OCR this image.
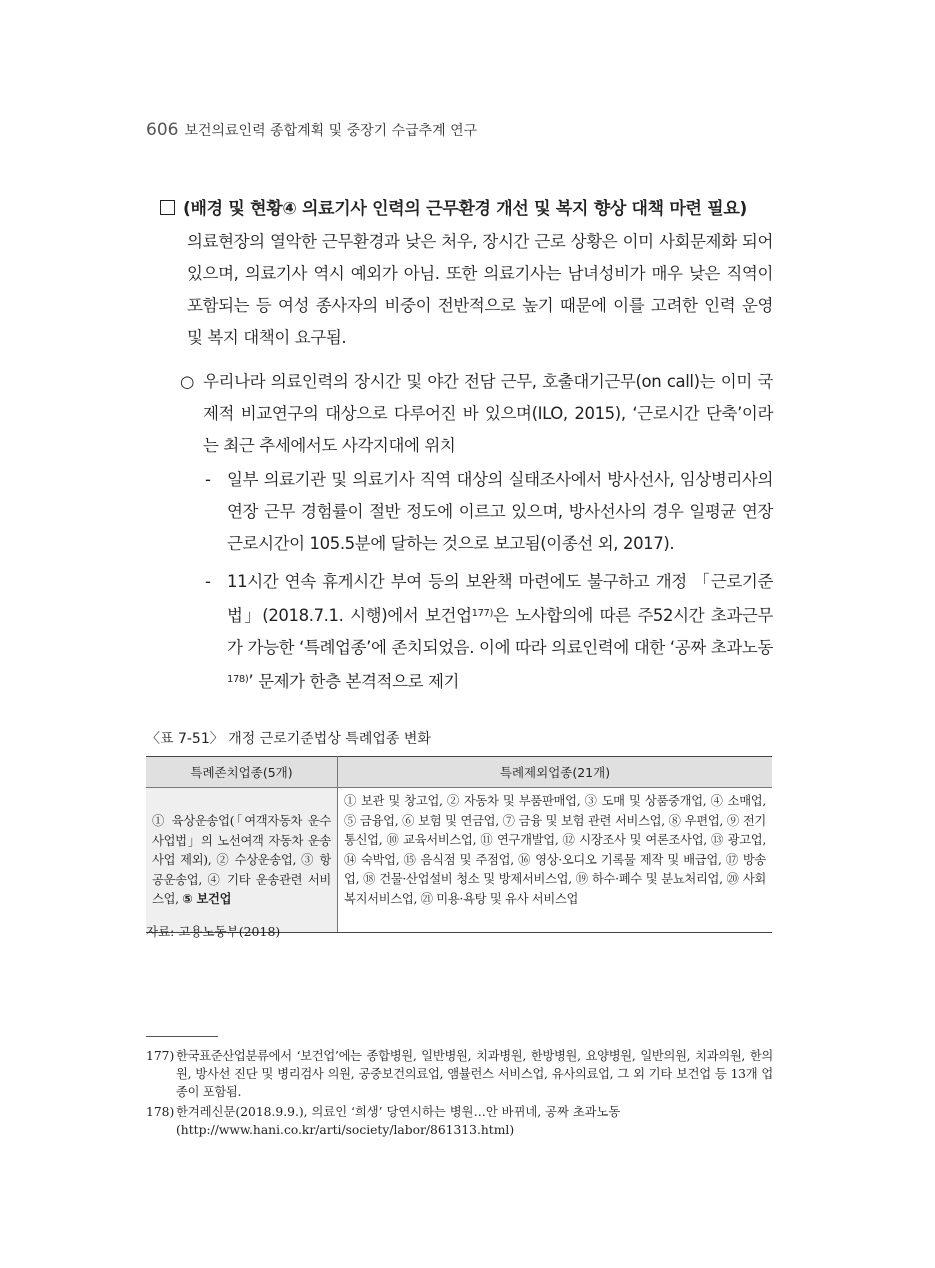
606 보건의료인력 종합계획 및 중장기 수급추계 연구
(배경 및 현황④ 의료기사 인력의 근무환경 개선 및 복지 향상 대책 마련 필요)
의료현장의 열악한 근무환경과 낮은 처우, 장시간 근로 상황은 이미 사회문제화 되어 있으며, 의료기사 역시 예외가 아님. 또한 의료기사는 남녀성비가 매우 낮은 직역이 포함되는 등 여성 종사자의 비중이 전반적으로 높기 때문에 이를 고려한 인력 운영 및 복지 대책이 요구됨.
○ 우리나라 의료인력의 장시간 및 야간 전담 근무, 호출대기근무(on call)는 이미 국제적 비교연구의 대상으로 다루어진 바 있으며(ILO, 2015), ‘근로시간 단축’이라는 최근 추세에서도 사각지대에 위치
- 일부 의료기관 및 의료기사 직역 대상의 실태조사에서 방사선사, 임상병리사의 연장 근무 경험률이 절반 정도에 이르고 있으며, 방사선사의 경우 일평균 연장근로시간이 105.5분에 달하는 것으로 보고됨(이종선 외, 2017).
- 11시간 연속 휴게시간 부여 등의 보완책 마련에도 불구하고 개정 「근로기준법」(2018.7.1. 시행)에서 보건업$^{177)}$은 노사합의에 따른 주52시간 초과근무가 가능한 ‘특례업종’에 존치되었음. 이에 따라 의료인력에 대한 ‘공짜 초과노동$^{178)}$’ 문제가 한층 본격적으로 제기
〈표 7-51〉 개정 근로기준법상 특례업종 변화
특례존치업종(5개)	특례제외업종(21개)
① 육상운송업(「여객자동차 운수사업법」의 노선여객 자동차 운송사업 제외), ② 수상운송업, ③ 항공운송업, ④ 기타 운송관련 서비스업, ⑤ 보건업	① 보관 및 창고업, ② 자동차 및 부품판매업, ③ 도매 및 상품중개업, ④ 소매업, ⑤ 금융업, ⑥ 보험 및 연금업, ⑦ 금융 및 보험 관련 서비스업, ⑧ 우편업, ⑨ 전기통신업, ⑩ 교육서비스업, ⑪ 연구개발업, ⑫ 시장조사 및 여론조사업, ⑬ 광고업, ⑭ 숙박업, ⑮ 음식점 및 주점업, ⑯ 영상·오디오 기록물 제작 및 배급업, ⑰ 방송업, ⑱ 건물·산업설비 청소 및 방제서비스업, ⑲ 하수·폐수 및 분뇨처리업, ⑳ 사회복지서비스업, ㉑ 미용·욕탕 및 유사 서비스업
자료: 고용노동부(2018)
177) 한국표준산업분류에서 ‘보건업’에는 종합병원, 일반병원, 치과병원, 한방병원, 요양병원, 일반의원, 치과의원, 한의원, 방사선 진단 및 병리검사 의원, 공중보건의료업, 앰뷸런스 서비스업, 유사의료업, 그 외 기타 보건업 등 13개 업종이 포함됨.
178) 한겨레신문(2018.9.9.), 의료인 ‘희생’ 당연시하는 병원…안 바뀌네, 공짜 초과노동
(http://www.hani.co.kr/arti/society/labor/861313.html)
